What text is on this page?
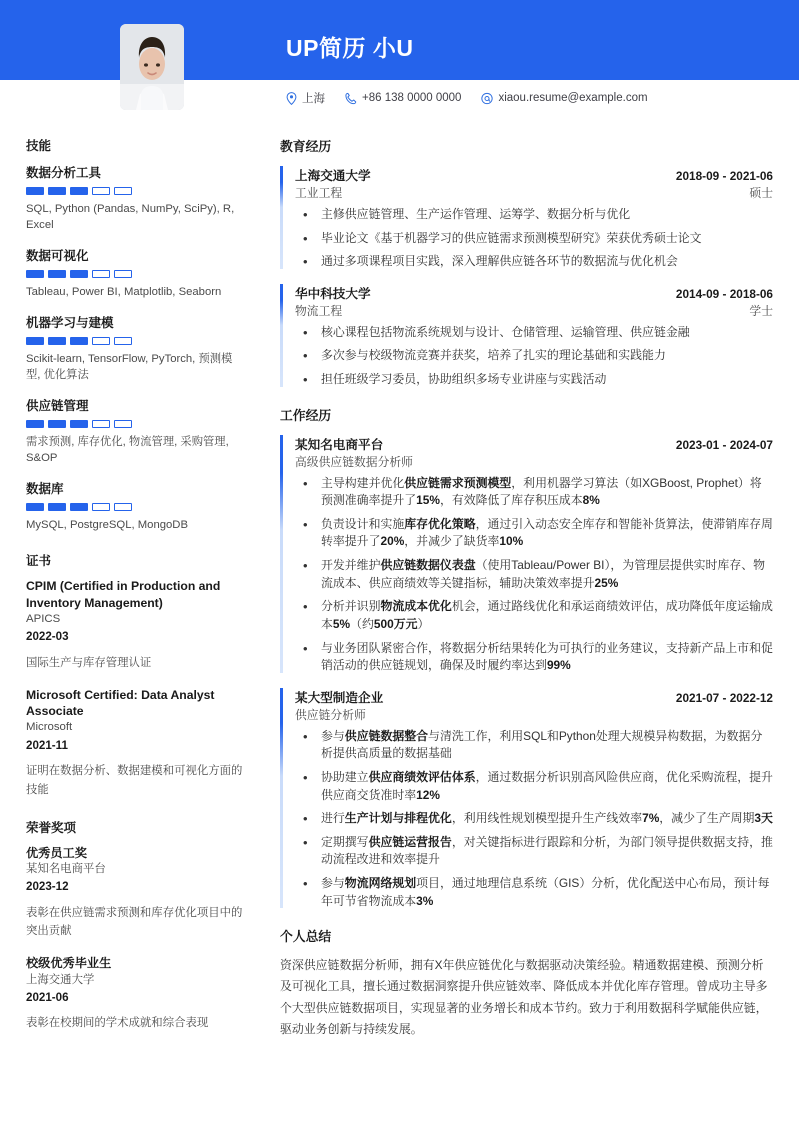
UP简历 小U
上海	+86 138 0000 0000	xiaou.resume@example.com
技能
数据分析工具
SQL, Python (Pandas, NumPy, SciPy), R, Excel
数据可视化
Tableau, Power BI, Matplotlib, Seaborn
机器学习与建模
Scikit-learn, TensorFlow, PyTorch, 预测模型, 优化算法
供应链管理
需求预测, 库存优化, 物流管理, 采购管理, S&OP
数据库
MySQL, PostgreSQL, MongoDB
证书
CPIM (Certified in Production and Inventory Management)
APICS
2022-03
国际生产与库存管理认证
Microsoft Certified: Data Analyst Associate
Microsoft
2021-11
证明在数据分析、数据建模和可视化方面的技能
荣誉奖项
优秀员工奖
某知名电商平台
2023-12
表彰在供应链需求预测和库存优化项目中的突出贡献
校级优秀毕业生
上海交通大学
2021-06
表彰在校期间的学术成就和综合表现
教育经历
上海交通大学	2018-09 - 2021-06
工业工程	硕士
• 主修供应链管理、生产运作管理、运筹学、数据分析与优化
• 毕业论文《基于机器学习的供应链需求预测模型研究》荣获优秀硕士论文
• 通过多项课程项目实践，深入理解供应链各环节的数据流与优化机会
华中科技大学	2014-09 - 2018-06
物流工程	学士
• 核心课程包括物流系统规划与设计、仓储管理、运输管理、供应链金融
• 多次参与校级物流竞赛并获奖，培养了扎实的理论基础和实践能力
• 担任班级学习委员，协助组织多场专业讲座与实践活动
工作经历
某知名电商平台	2023-01 - 2024-07
高级供应链数据分析师
• 主导构建并优化供应链需求预测模型，利用机器学习算法（如XGBoost, Prophet）将预测准确率提升了15%，有效降低了库存积压成本8%
• 负责设计和实施库存优化策略，通过引入动态安全库存和智能补货算法，使滞销库存周转率提升了20%，并减少了缺货率10%
• 开发并维护供应链数据仪表盘（使用Tableau/Power BI），为管理层提供实时库存、物流成本、供应商绩效等关键指标，辅助决策效率提升25%
• 分析并识别物流成本优化机会，通过路线优化和承运商绩效评估，成功降低年度运输成本5%（约500万元）
• 与业务团队紧密合作，将数据分析结果转化为可执行的业务建议，支持新产品上市和促销活动的供应链规划，确保及时履约率达到99%
某大型制造企业	2021-07 - 2022-12
供应链分析师
• 参与供应链数据整合与清洗工作，利用SQL和Python处理大规模异构数据，为数据分析提供高质量的数据基础
• 协助建立供应商绩效评估体系，通过数据分析识别高风险供应商，优化采购流程，提升供应商交货准时率12%
• 进行生产计划与排程优化，利用线性规划模型提升生产线效率7%，减少了生产周期3天
• 定期撰写供应链运营报告，对关键指标进行跟踪和分析，为部门领导提供数据支持，推动流程改进和效率提升
• 参与物流网络规划项目，通过地理信息系统（GIS）分析，优化配送中心布局，预计每年可节省物流成本3%
个人总结
资深供应链数据分析师，拥有X年供应链优化与数据驱动决策经验。精通数据建模、预测分析及可视化工具，擅长通过数据洞察提升供应链效率、降低成本并优化库存管理。曾成功主导多个大型供应链数据项目，实现显著的业务增长和成本节约。致力于利用数据科学赋能供应链，驱动业务创新与持续发展。
